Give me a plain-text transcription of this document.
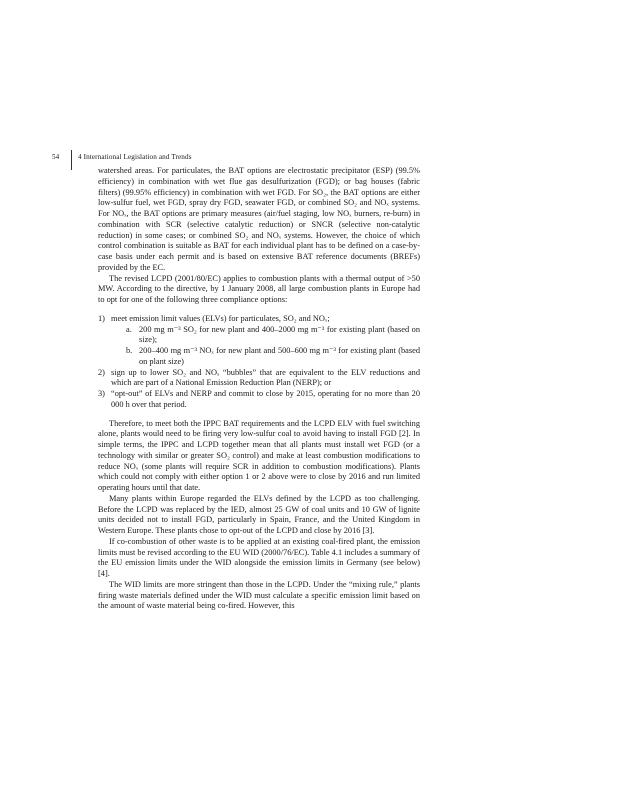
54	4 International Legislation and Trends

watershed areas. For particulates, the BAT options are electrostatic precipitator (ESP) (99.5% efficiency) in combination with wet flue gas desulfurization (FGD); or bag houses (fabric filters) (99.95% efficiency) in combination with wet FGD. For SO₂, the BAT options are either low-sulfur fuel, wet FGD, spray dry FGD, seawater FGD, or combined SO₂ and NOₓ systems. For NOₓ, the BAT options are primary measures (air/fuel staging, low NOₓ burners, re-burn) in combination with SCR (selective catalytic reduction) or SNCR (selective non-catalytic reduction) in some cases; or combined SO₂ and NOₓ systems. However, the choice of which control combination is suitable as BAT for each individual plant has to be defined on a case-by-case basis under each permit and is based on extensive BAT reference documents (BREFs) provided by the EC.

The revised LCPD (2001/80/EC) applies to combustion plants with a thermal output of >50 MW. According to the directive, by 1 January 2008, all large combustion plants in Europe had to opt for one of the following three compliance options:

1) meet emission limit values (ELVs) for particulates, SO₂ and NOₓ;
a. 200 mg m⁻³ SO₂ for new plant and 400–2000 mg m⁻³ for existing plant (based on size);
b. 200–400 mg m⁻³ NOₓ for new plant and 500–600 mg m⁻³ for existing plant (based on plant size)
2) sign up to lower SO₂ and NOₓ “bubbles” that are equivalent to the ELV reductions and which are part of a National Emission Reduction Plan (NERP); or
3) “opt-out” of ELVs and NERP and commit to close by 2015, operating for no more than 20 000 h over that period.

Therefore, to meet both the IPPC BAT requirements and the LCPD ELV with fuel switching alone, plants would need to be firing very low-sulfur coal to avoid having to install FGD [2]. In simple terms, the IPPC and LCPD together mean that all plants must install wet FGD (or a technology with similar or greater SO₂ control) and make at least combustion modifications to reduce NOₓ (some plants will require SCR in addition to combustion modifications). Plants which could not comply with either option 1 or 2 above were to close by 2016 and run limited operating hours until that date.

Many plants within Europe regarded the ELVs defined by the LCPD as too challenging. Before the LCPD was replaced by the IED, almost 25 GW of coal units and 10 GW of lignite units decided not to install FGD, particularly in Spain, France, and the United Kingdom in Western Europe. These plants chose to opt-out of the LCPD and close by 2016 [3].

If co-combustion of other waste is to be applied at an existing coal-fired plant, the emission limits must be revised according to the EU WID (2000/76/EC). Table 4.1 includes a summary of the EU emission limits under the WID alongside the emission limits in Germany (see below) [4].

The WID limits are more stringent than those in the LCPD. Under the “mixing rule,” plants firing waste materials defined under the WID must calculate a specific emission limit based on the amount of waste material being co-fired. However, this
